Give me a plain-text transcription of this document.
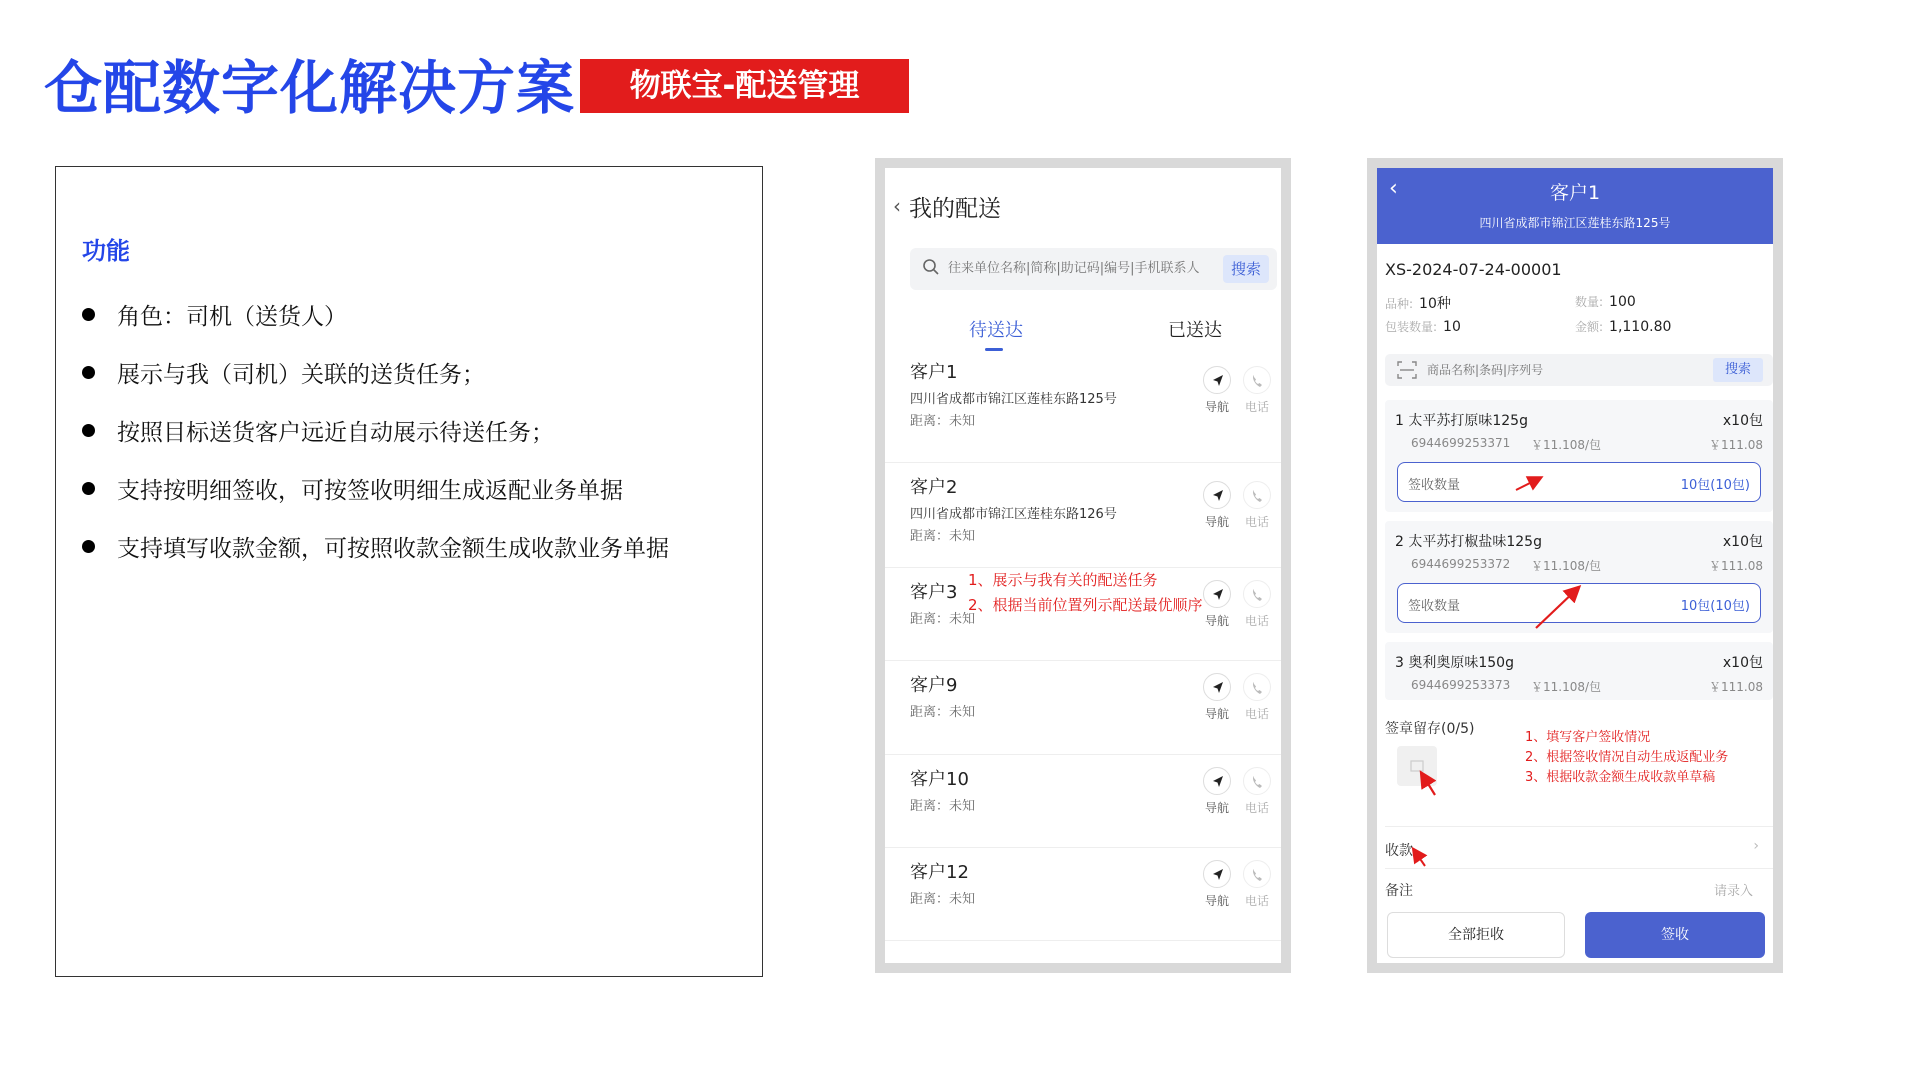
仓配数字化解决方案	物联宝-配送管理
功能
角色：司机（送货人）
展示与我（司机）关联的送货任务；
按照目标送货客户远近自动展示待送任务；
支持按明细签收，可按签收明细生成返配业务单据
支持填写收款金额，可按照收款金额生成收款业务单据
‹ 我的配送
往来单位名称|简称|助记码|编号|手机联系人
搜索
待送达	已送达
客户1
四川省成都市锦江区莲桂东路125号
距离：未知
导航 电话
客户2
四川省成都市锦江区莲桂东路126号
距离：未知
导航 电话
客户3
距离：未知	导航 电话
客户9
距离：未知	导航 电话
客户10
距离：未知	导航 电话
客户12
距离：未知	导航 电话
1、展示与我有关的配送任务
2、根据当前位置列示配送最优顺序
‹	客户1
四川省成都市锦江区莲桂东路125号
XS-2024-07-24-00001
品种: 10种	数量: 100
包装数量: 10	金额: 1,110.80
商品名称|条码|序列号
搜索
1 太平苏打原味125g	x10包
6944699253371 ￥11.108/包	￥111.08
签收数量	10包(10包)
2 太平苏打椒盐味125g	x10包
6944699253372 ￥11.108/包	￥111.08
签收数量	10包(10包)
3 奥利奥原味150g	x10包
6944699253373 ￥11.108/包	￥111.08
签章留存(0/5)
1、填写客户签收情况
2、根据签收情况自动生成返配业务
3、根据收款金额生成收款单草稿
收款	›
备注	请录入
全部拒收	签收
